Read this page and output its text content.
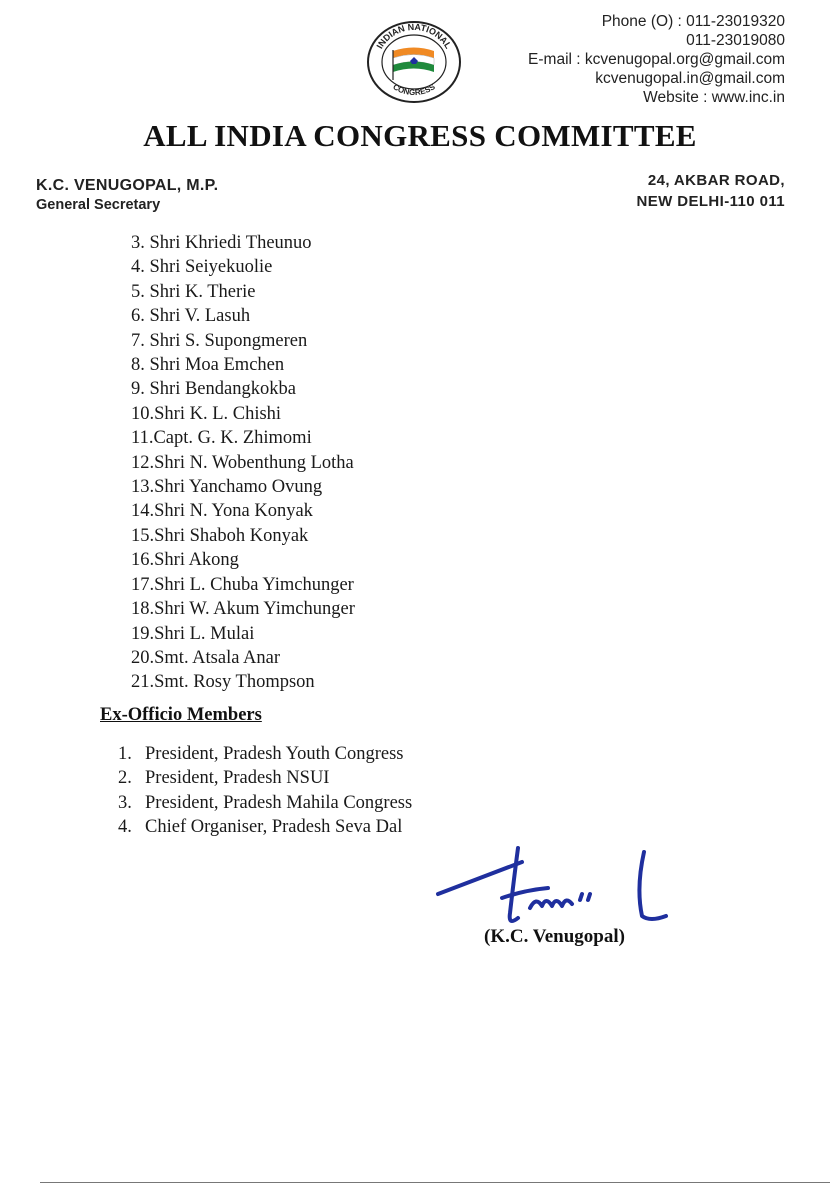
INDIAN NATIONAL
CONGRESS
Phone (O) : 011-23019320
011-23019080
E-mail : kcvenugopal.org@gmail.com
kcvenugopal.in@gmail.com
Website : www.inc.in
ALL INDIA CONGRESS COMMITTEE
K.C. VENUGOPAL, M.P.
General Secretary
24, AKBAR ROAD,
NEW DELHI-110 011
3. Shri Khriedi Theunuo
4. Shri Seiyekuolie
5. Shri K. Therie
6. Shri V. Lasuh
7. Shri S. Supongmeren
8. Shri Moa Emchen
9. Shri Bendangkokba
10.Shri K. L. Chishi
11.Capt. G. K. Zhimomi
12.Shri N. Wobenthung Lotha
13.Shri Yanchamo Ovung
14.Shri N. Yona Konyak
15.Shri Shaboh Konyak
16.Shri Akong
17.Shri L. Chuba Yimchunger
18.Shri W. Akum Yimchunger
19.Shri L. Mulai
20.Smt. Atsala Anar
21.Smt. Rosy Thompson
Ex-Officio Members
1. President, Pradesh Youth Congress
2. President, Pradesh NSUI
3. President, Pradesh Mahila Congress
4. Chief Organiser, Pradesh Seva Dal
(K.C. Venugopal)
